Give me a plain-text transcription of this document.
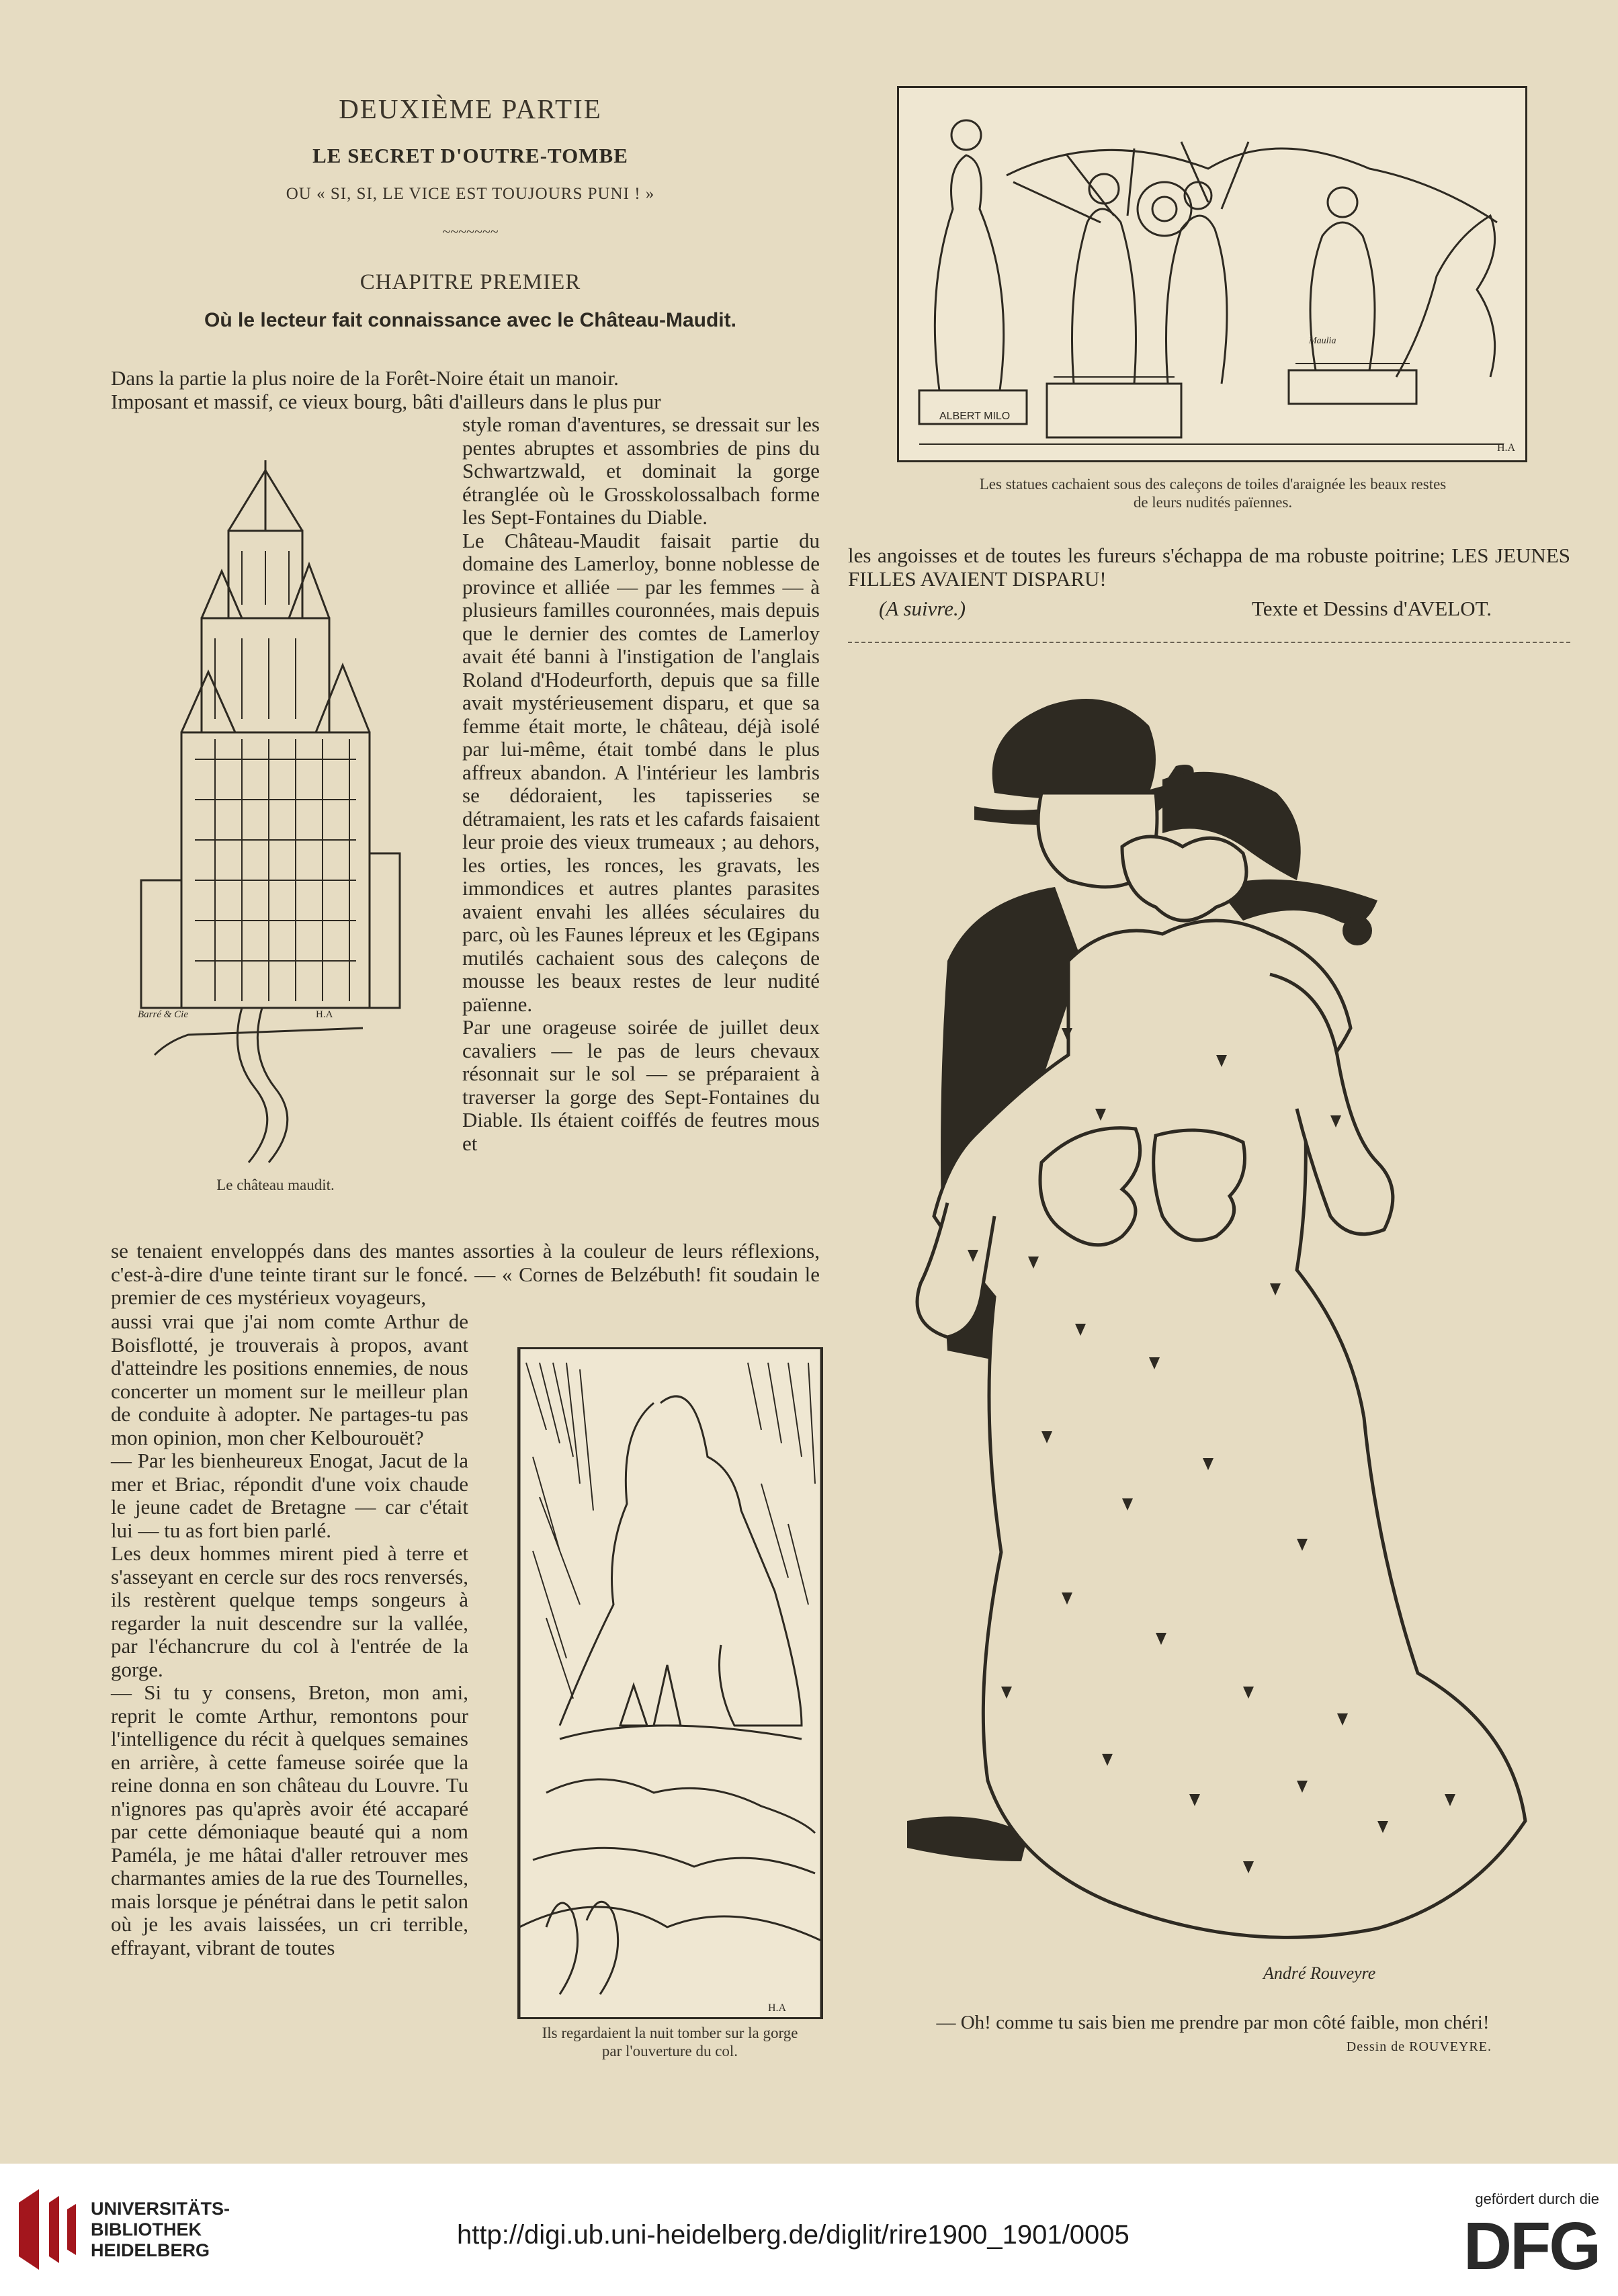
DEUXIÈME PARTIE
LE SECRET D'OUTRE-TOMBE
OU « SI, SI, LE VICE EST TOUJOURS PUNI ! »
~~~~~~~
CHAPITRE PREMIER
Où le lecteur fait connaissance avec le Château-Maudit.

Dans la partie la plus noire de la Forêt-Noire était un manoir.
Imposant et massif, ce vieux bourg, bâti d'ailleurs dans le plus pur

style roman d'aventures, se dressait sur les pentes abruptes et assombries de pins du Schwartzwald, et dominait la gorge étranglée où le Grosskolossalbach forme les Sept-Fontaines du Diable.
Le Château-Maudit faisait partie du domaine des Lamerloy, bonne noblesse de province et alliée — par les femmes — à plusieurs familles couronnées, mais depuis que le dernier des comtes de Lamerloy avait été banni à l'instigation de l'anglais Roland d'Hodeurforth, depuis que sa fille avait mystérieusement disparu, et que sa femme était morte, le château, déjà isolé par lui-même, était tombé dans le plus affreux abandon. A l'intérieur les lambris se dédoraient, les tapisseries se détramaient, les rats et les cafards faisaient leur proie des vieux trumeaux ; au dehors, les orties, les ronces, les gravats, les immondices et autres plantes parasites avaient envahi les allées séculaires du parc, où les Faunes lépreux et les Œgipans mutilés cachaient sous des caleçons de mousse les beaux restes de leur nudité païenne.
Par une orageuse soirée de juillet deux cavaliers — le pas de leurs chevaux résonnait sur le sol — se préparaient à traverser la gorge des Sept-Fontaines du Diable. Ils étaient coiffés de feutres mous et

se tenaient enveloppés dans des mantes assorties à la couleur de leurs réflexions, c'est-à-dire d'une teinte tirant sur le foncé. — « Cornes de Belzébuth! fit soudain le premier de ces mystérieux voyageurs,

aussi vrai que j'ai nom comte Arthur de Boisflotté, je trouverais à propos, avant d'atteindre les positions ennemies, de nous concerter un moment sur le meilleur plan de conduite à adopter. Ne partages-tu pas mon opinion, mon cher Kelbourouët?
— Par les bienheureux Enogat, Jacut de la mer et Briac, répondit d'une voix chaude le jeune cadet de Bretagne — car c'était lui — tu as fort bien parlé.
Les deux hommes mirent pied à terre et s'asseyant en cercle sur des rocs renversés, ils restèrent quelque temps songeurs à regarder la nuit descendre sur la vallée, par l'échancrure du col à l'entrée de la gorge.
— Si tu y consens, Breton, mon ami, reprit le comte Arthur, remontons pour l'intelligence du récit à quelques semaines en arrière, à cette fameuse soirée que la reine donna en son château du Louvre. Tu n'ignores pas qu'après avoir été accaparé par cette démoniaque beauté qui a nom Paméla, je me hâtai d'aller retrouver mes charmantes amies de la rue des Tournelles, mais lorsque je pénétrai dans le petit salon où je les avais laissées, un cri terrible, effrayant, vibrant de toutes

Barré & Cie	H.A
Le château maudit.
ALBERT MILO
Maulia
H.A
Les statues cachaient sous des caleçons de toiles d'araignée les beaux restes
de leurs nudités païennes.

les angoisses et de toutes les fureurs s'échappa de ma robuste poitrine; LES JEUNES FILLES AVAIENT DISPARU!

(A suivre.)	Texte et Dessins d'AVELOT.
H.A
Ils regardaient la nuit tomber sur la gorge
par l'ouverture du col.
André Rouveyre
— Oh! comme tu sais bien me prendre par mon côté faible, mon chéri!
Dessin de ROUVEYRE.
UNIVERSITÄTS-
BIBLIOTHEK
HEIDELBERG
http://digi.ub.uni-heidelberg.de/diglit/rire1900_1901/0005
gefördert durch die
DFG
